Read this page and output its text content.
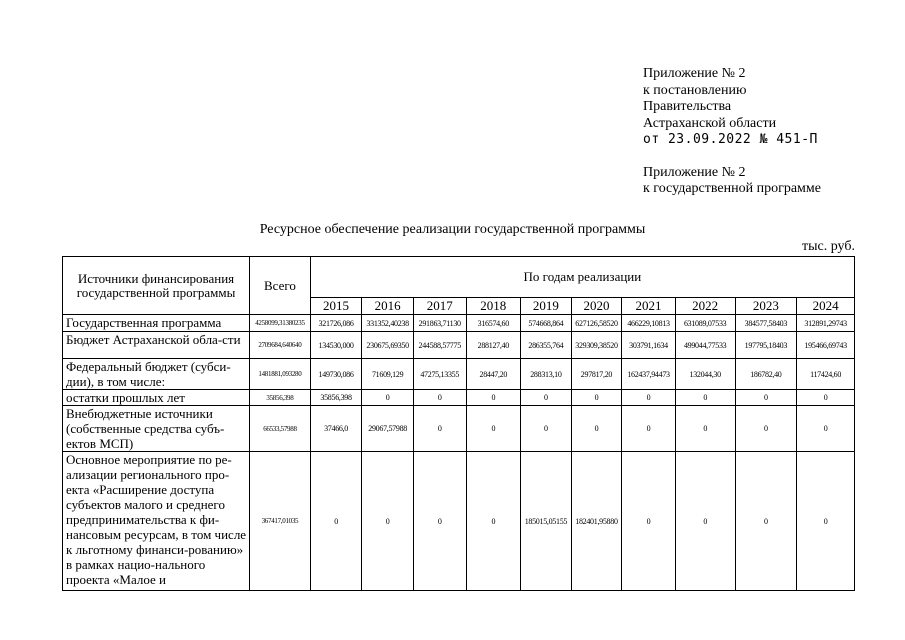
Приложение № 2
к постановлению
Правительства
Астраханской области
от 23.09.2022 № 451-П
Приложение № 2
к государственной программе
Ресурсное обеспечение реализации государственной программы
тыс. руб.
Источники финансирования государственной программы	Всего	По годам реализации									
		2015	2016	2017	2018	2019	2020	2021	2022	2023	2024
Государственная программа	4258099,31380235	321726,086	331352,40238	291863,71130	316574,60	574668,864	627126,58520	466229,10813	631089,07533	384577,58403	312891,29743
Бюджет Астраханской обла-сти	2709684,640640	134530,000	230675,69350	244588,57775	288127,40	286355,764	329309,38520	303791,1634	499044,77533	197795,18403	195466,69743
Федеральный бюджет (субси-дии), в том числе:	1481881,093280	149730,086	71609,129	47275,13355	28447,20	288313,10	297817,20	162437,94473	132044,30	186782,40	117424,60
остатки прошлых лет	35856,398	35856,398	0	0	0	0	0	0	0	0	0
Внебюджетные источники (собственные средства субъ-ектов МСП)	66533,57988	37466,0	29067,57988	0	0	0	0	0	0	0	0
Основное мероприятие по ре-ализации регионального про-екта «Расширение доступа субъектов малого и среднего предпринимательства к фи-нансовым ресурсам, в том числе к льготному финанси-рованию» в рамках нацио-нального проекта «Малое и	367417,01035	0	0	0	0	185015,05155	182401,95880	0	0	0	0
